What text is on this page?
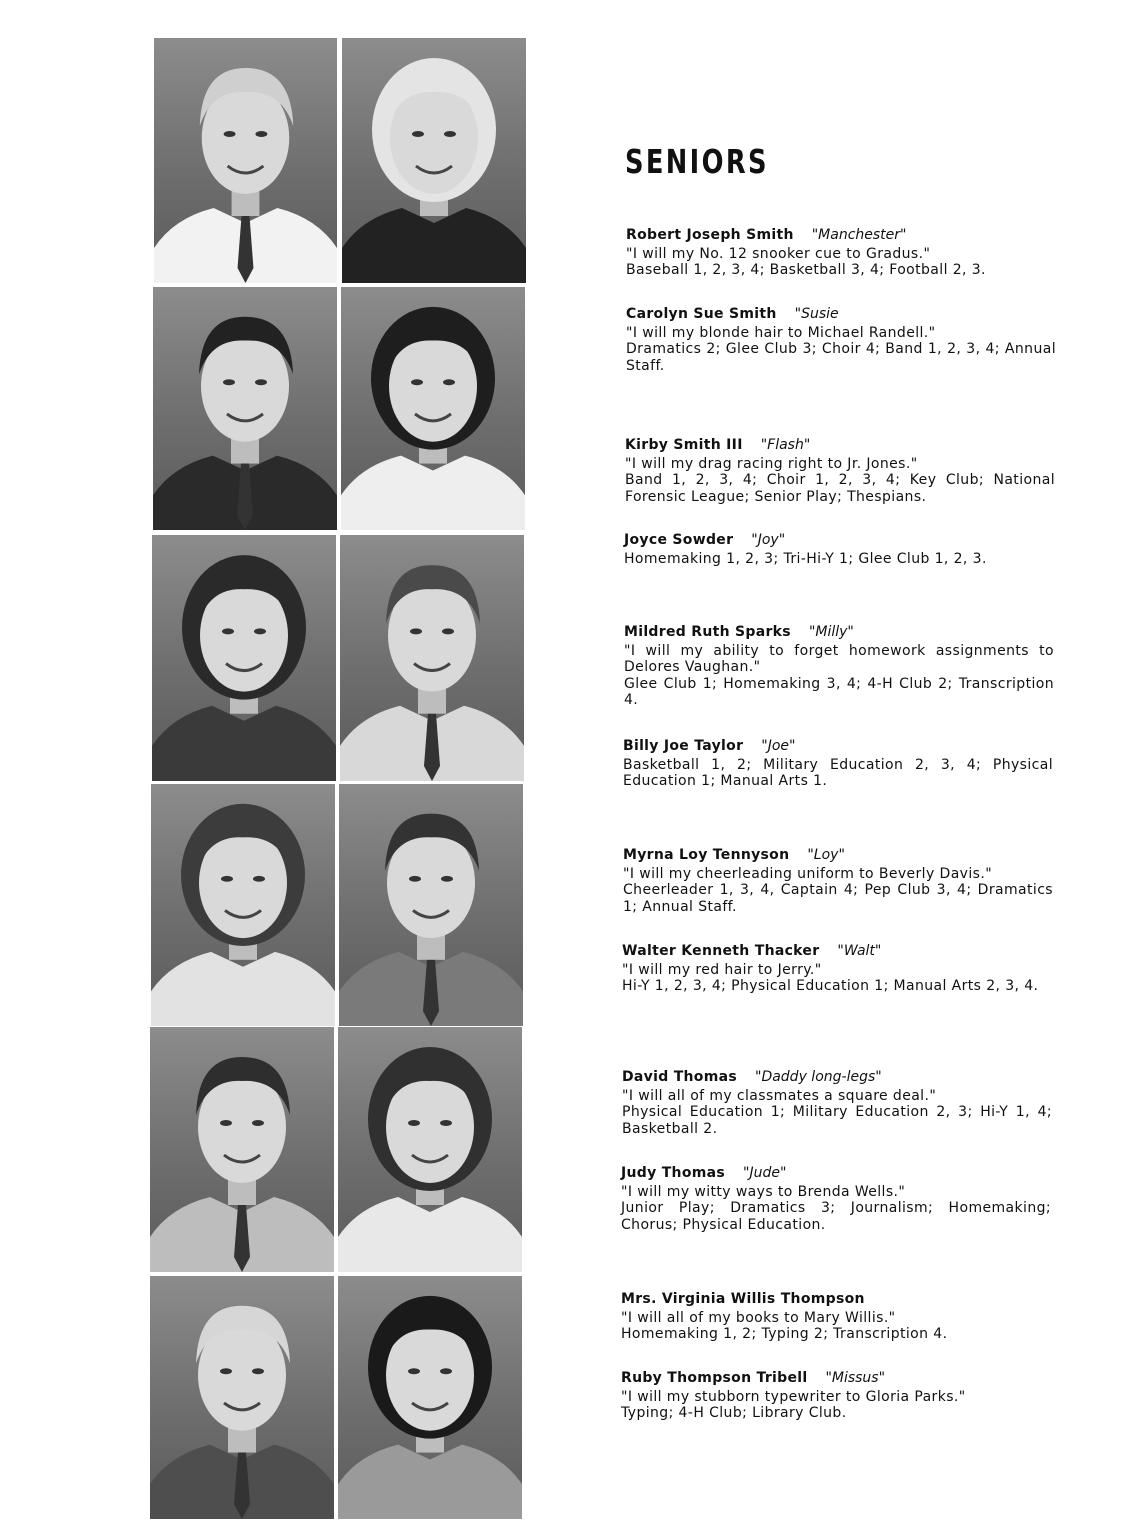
SENIORS
Robert Joseph Smith "Manchester"
"I will my No. 12 snooker cue to Gradus."
Baseball 1, 2, 3, 4; Basketball 3, 4; Football 2, 3.
Carolyn Sue Smith "Susie
"I will my blonde hair to Michael Randell."
Dramatics 2; Glee Club 3; Choir 4; Band 1, 2, 3, 4; Annual Staff.
Kirby Smith III "Flash"
"I will my drag racing right to Jr. Jones."
Band 1, 2, 3, 4; Choir 1, 2, 3, 4; Key Club; National Forensic League; Senior Play; Thespians.
Joyce Sowder "Joy"
Homemaking 1, 2, 3; Tri-Hi-Y 1; Glee Club 1, 2, 3.
Mildred Ruth Sparks "Milly"
"I will my ability to forget homework assignments to Delores Vaughan."
Glee Club 1; Homemaking 3, 4; 4-H Club 2; Transcription 4.
Billy Joe Taylor "Joe"
Basketball 1, 2; Military Education 2, 3, 4; Physical Education 1; Manual Arts 1.
Myrna Loy Tennyson "Loy"
"I will my cheerleading uniform to Beverly Davis."
Cheerleader 1, 3, 4, Captain 4; Pep Club 3, 4; Dramatics 1; Annual Staff.
Walter Kenneth Thacker "Walt"
"I will my red hair to Jerry."
Hi-Y 1, 2, 3, 4; Physical Education 1; Manual Arts 2, 3, 4.
David Thomas "Daddy long-legs"
"I will all of my classmates a square deal."
Physical Education 1; Military Education 2, 3; Hi-Y 1, 4; Basketball 2.
Judy Thomas "Jude"
"I will my witty ways to Brenda Wells."
Junior Play; Dramatics 3; Journalism; Homemaking; Chorus; Physical Education.
Mrs. Virginia Willis Thompson
"I will all of my books to Mary Willis."
Homemaking 1, 2; Typing 2; Transcription 4.
Ruby Thompson Tribell "Missus"
"I will my stubborn typewriter to Gloria Parks."
Typing; 4-H Club; Library Club.
